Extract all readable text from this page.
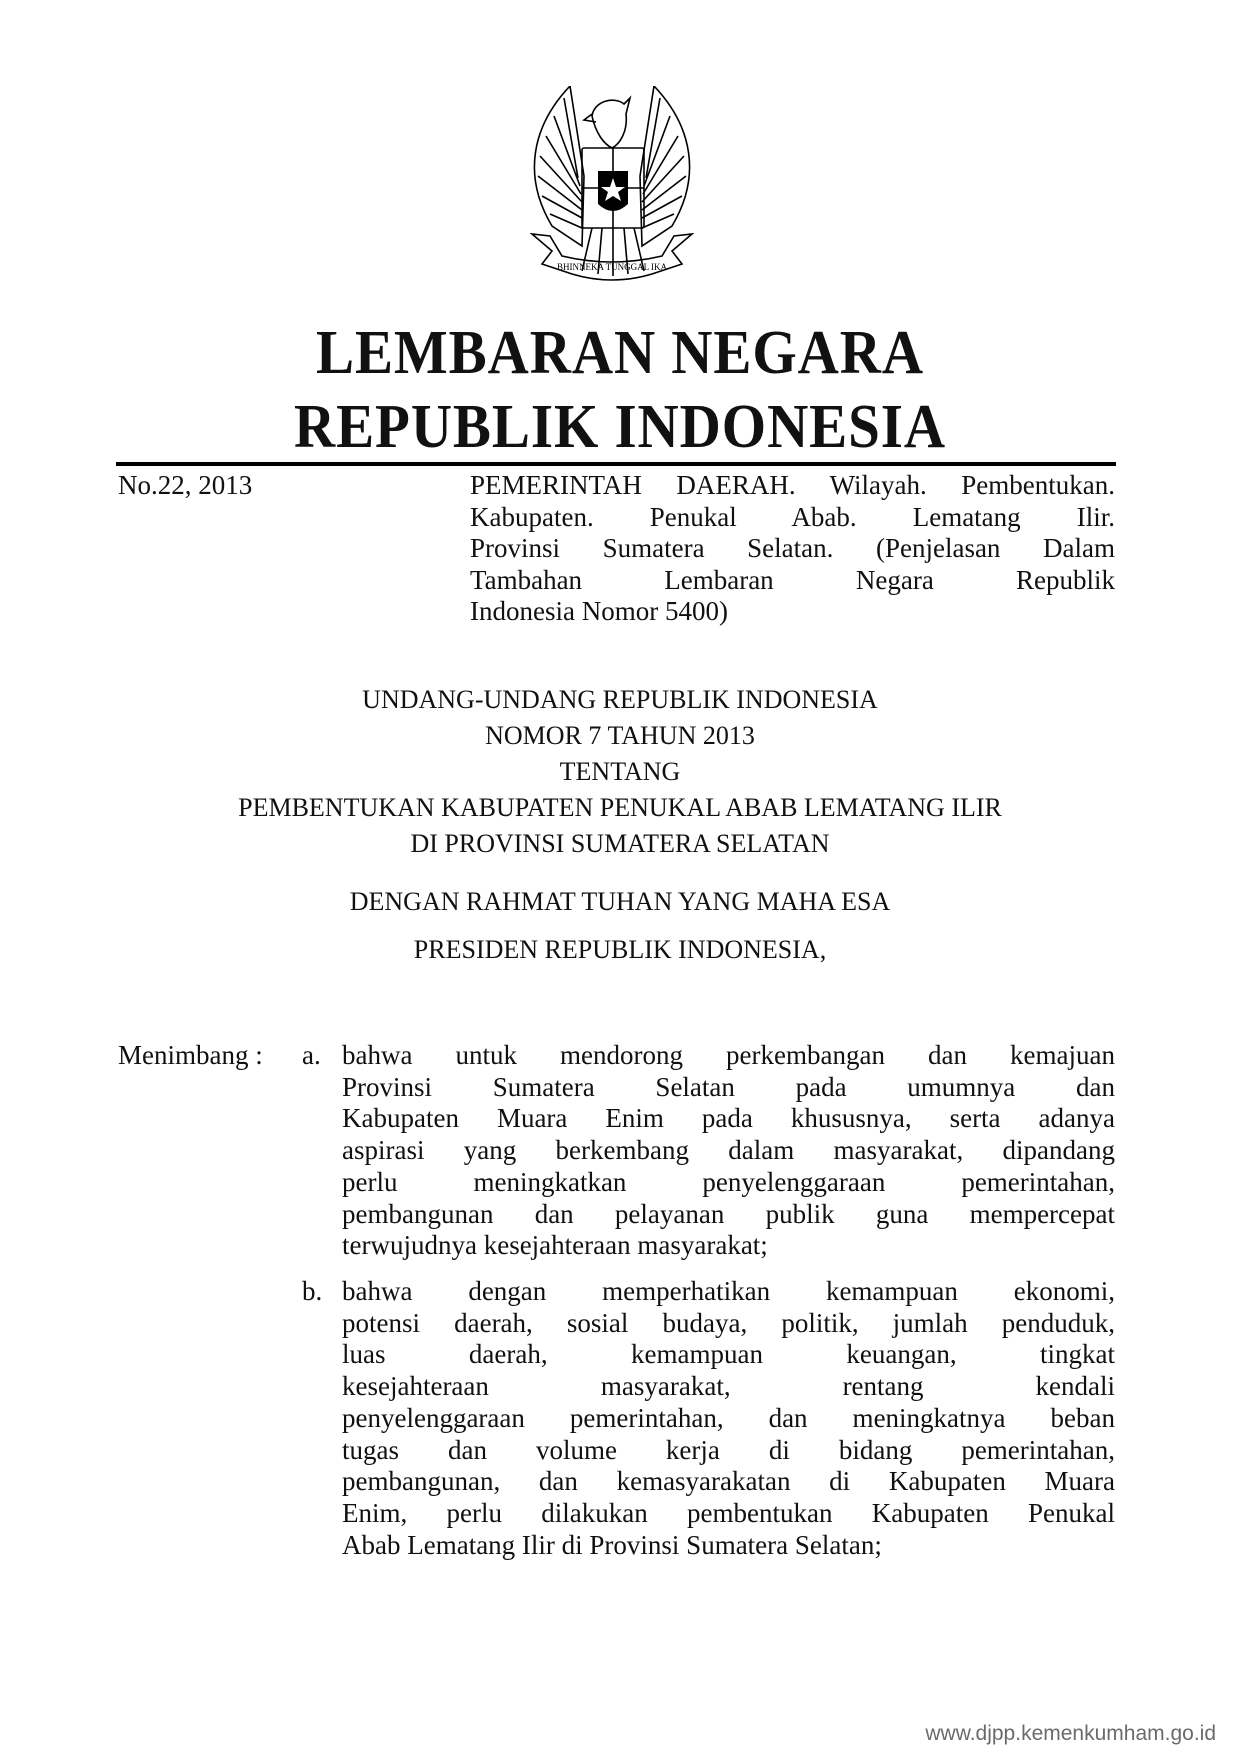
BHINNEKA TUNGGAL IKA
LEMBARAN NEGARA
REPUBLIK INDONESIA
No.22, 2013	PEMERINTAH DAERAH. Wilayah. Pembentukan.
Kabupaten. Penukal Abab. Lematang Ilir.
Provinsi Sumatera Selatan. (Penjelasan Dalam
Tambahan Lembaran Negara Republik
Indonesia Nomor 5400)
UNDANG-UNDANG REPUBLIK INDONESIA
NOMOR 7 TAHUN 2013
TENTANG
PEMBENTUKAN KABUPATEN PENUKAL ABAB LEMATANG ILIR
DI PROVINSI SUMATERA SELATAN
DENGAN RAHMAT TUHAN YANG MAHA ESA
PRESIDEN REPUBLIK INDONESIA,
Menimbang : a. bahwa untuk mendorong perkembangan dan kemajuan
Provinsi Sumatera Selatan pada umumnya dan
Kabupaten Muara Enim pada khususnya, serta adanya
aspirasi yang berkembang dalam masyarakat, dipandang
perlu meningkatkan penyelenggaraan pemerintahan,
pembangunan dan pelayanan publik guna mempercepat
terwujudnya kesejahteraan masyarakat;
b. bahwa dengan memperhatikan kemampuan ekonomi,
potensi daerah, sosial budaya, politik, jumlah penduduk,
luas daerah, kemampuan keuangan, tingkat
kesejahteraan masyarakat, rentang kendali
penyelenggaraan pemerintahan, dan meningkatnya beban
tugas dan volume kerja di bidang pemerintahan,
pembangunan, dan kemasyarakatan di Kabupaten Muara
Enim, perlu dilakukan pembentukan Kabupaten Penukal
Abab Lematang Ilir di Provinsi Sumatera Selatan;
www.djpp.kemenkumham.go.id
